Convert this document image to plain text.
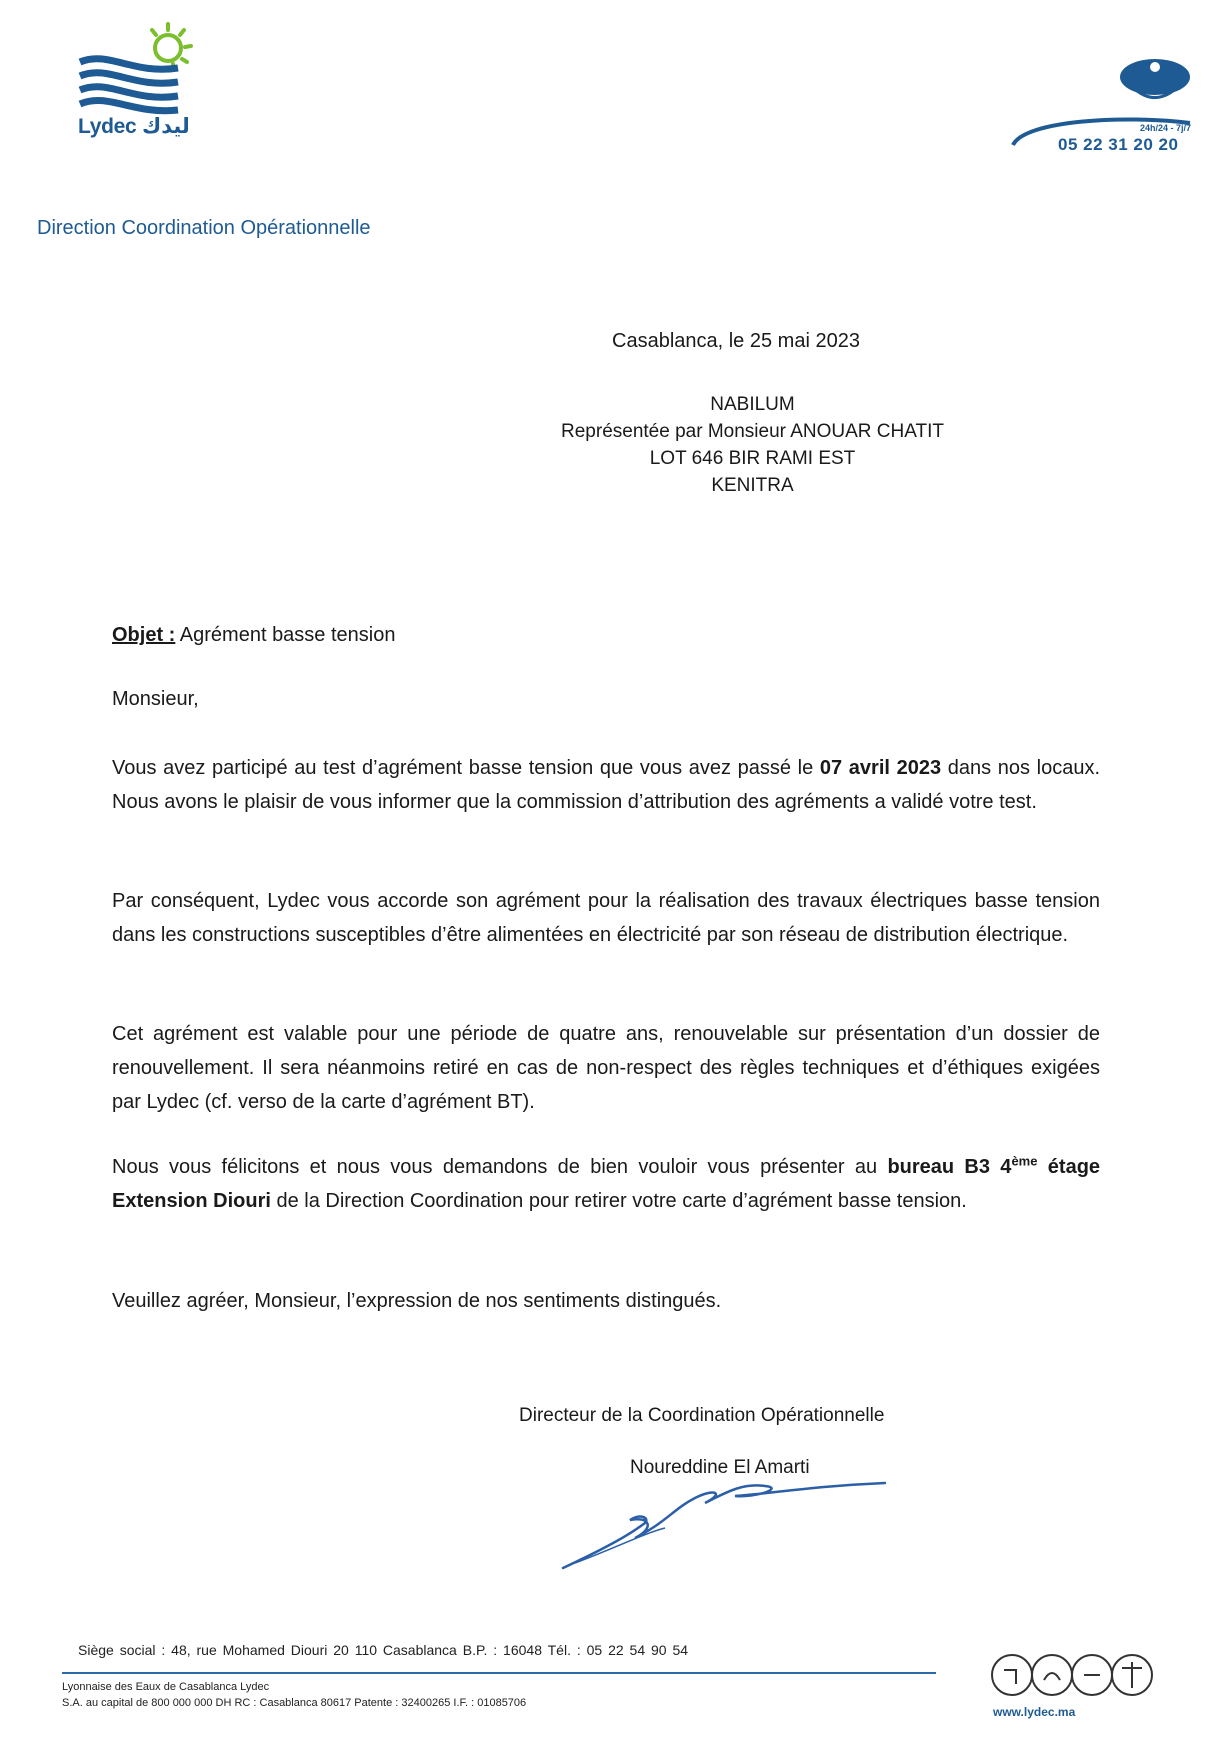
Lydec ليدك	24h/24 - 7j/7
05 22 31 20 20
Direction Coordination Opérationnelle
Casablanca, le 25 mai 2023
NABILUM
Représentée par Monsieur ANOUAR CHATIT
LOT 646 BIR RAMI EST
KENITRA
Objet : Agrément basse tension
Monsieur,
Vous avez participé au test d’agrément basse tension que vous avez passé le 07 avril 2023 dans nos locaux. Nous avons le plaisir de vous informer que la commission d’attribution des agréments a validé votre test.
Par conséquent, Lydec vous accorde son agrément pour la réalisation des travaux électriques basse tension dans les constructions susceptibles d’être alimentées en électricité par son réseau de distribution électrique.
Cet agrément est valable pour une période de quatre ans, renouvelable sur présentation d’un dossier de renouvellement. Il sera néanmoins retiré en cas de non-respect des règles techniques et d’éthiques exigées par Lydec (cf. verso de la carte d’agrément BT).
Nous vous félicitons et nous vous demandons de bien vouloir vous présenter au bureau B3 4ème étage Extension Diouri de la Direction Coordination pour retirer votre carte d’agrément basse tension.
Veuillez agréer, Monsieur, l’expression de nos sentiments distingués.
Directeur de la Coordination Opérationnelle
Noureddine El Amarti
Siège social : 48, rue Mohamed Diouri 20 110 Casablanca B.P. : 16048 Tél. : 05 22 54 90 54
Lyonnaise des Eaux de Casablanca Lydec
S.A. au capital de 800 000 000 DH RC : Casablanca 80617 Patente : 32400265 I.F. : 01085706
www.lydec.ma
